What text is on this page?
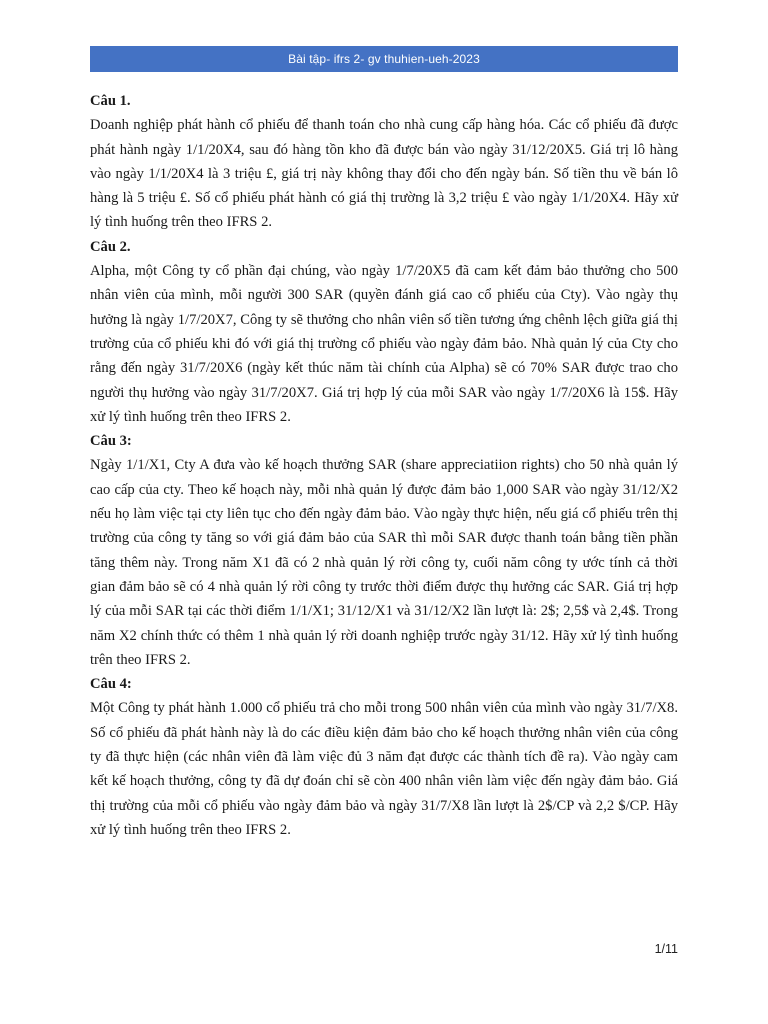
Bài tập- ifrs 2- gv thuhien-ueh-2023

Câu 1.

Doanh nghiệp phát hành cổ phiếu để thanh toán cho nhà cung cấp hàng hóa. Các cổ phiếu đã được phát hành ngày 1/1/20X4, sau đó hàng tồn kho đã được bán vào ngày 31/12/20X5. Giá trị lô hàng vào ngày 1/1/20X4 là 3 triệu £, giá trị này không thay đổi cho đến ngày bán. Số tiền thu về bán lô hàng là 5 triệu £. Số cổ phiếu phát hành có giá thị trường là 3,2 triệu £ vào ngày 1/1/20X4. Hãy xử lý tình huống trên theo IFRS 2.

Câu 2.

Alpha, một Công ty cổ phần đại chúng, vào ngày 1/7/20X5 đã cam kết đảm bảo thưởng cho 500 nhân viên của mình, mỗi người 300 SAR (quyền đánh giá cao cổ phiếu của Cty). Vào ngày thụ hưởng là ngày 1/7/20X7, Công ty sẽ thưởng cho nhân viên số tiền tương ứng chênh lệch giữa giá thị trường của cổ phiếu khi đó với giá thị trường cổ phiếu vào ngày đảm bảo. Nhà quản lý của Cty cho rằng đến ngày 31/7/20X6 (ngày kết thúc năm tài chính của Alpha) sẽ có 70% SAR được trao cho người thụ hưởng vào ngày 31/7/20X7. Giá trị hợp lý của mỗi SAR vào ngày 1/7/20X6 là 15$. Hãy xử lý tình huống trên theo IFRS 2.

Câu 3:

Ngày 1/1/X1, Cty A đưa vào kế hoạch thưởng SAR (share appreciatiion rights) cho 50 nhà quản lý cao cấp của cty. Theo kế hoạch này, mỗi nhà quản lý được đảm bảo 1,000 SAR vào ngày 31/12/X2 nếu họ làm việc tại cty liên tục cho đến ngày đảm bảo. Vào ngày thực hiện, nếu giá cổ phiếu trên thị trường của công ty tăng so với giá đảm bảo của SAR thì mỗi SAR được thanh toán bằng tiền phần tăng thêm này. Trong năm X1 đã có 2 nhà quản lý rời công ty, cuối năm công ty ước tính cả thời gian đảm bảo sẽ có 4 nhà quản lý rời công ty trước thời điểm được thụ hưởng các SAR. Giá trị hợp lý của mỗi SAR tại các thời điểm 1/1/X1; 31/12/X1 và 31/12/X2 lần lượt là: 2$; 2,5$ và 2,4$. Trong năm X2 chính thức có thêm 1 nhà quản lý rời doanh nghiệp trước ngày 31/12. Hãy xử lý tình huống trên theo IFRS 2.

Câu 4:

Một Công ty phát hành 1.000 cổ phiếu trả cho mỗi trong 500 nhân viên của mình vào ngày 31/7/X8. Số cổ phiếu đã phát hành này là do các điều kiện đảm bảo cho kế hoạch thưởng nhân viên của công ty đã thực hiện (các nhân viên đã làm việc đủ 3 năm đạt được các thành tích đề ra). Vào ngày cam kết kế hoạch thưởng, công ty đã dự đoán chỉ sẽ còn 400 nhân viên làm việc đến ngày đảm bảo. Giá thị trường của mỗi cổ phiếu vào ngày đảm bảo và ngày 31/7/X8 lần lượt là 2$/CP và 2,2 $/CP. Hãy xử lý tình huống trên theo IFRS 2.

1/11
